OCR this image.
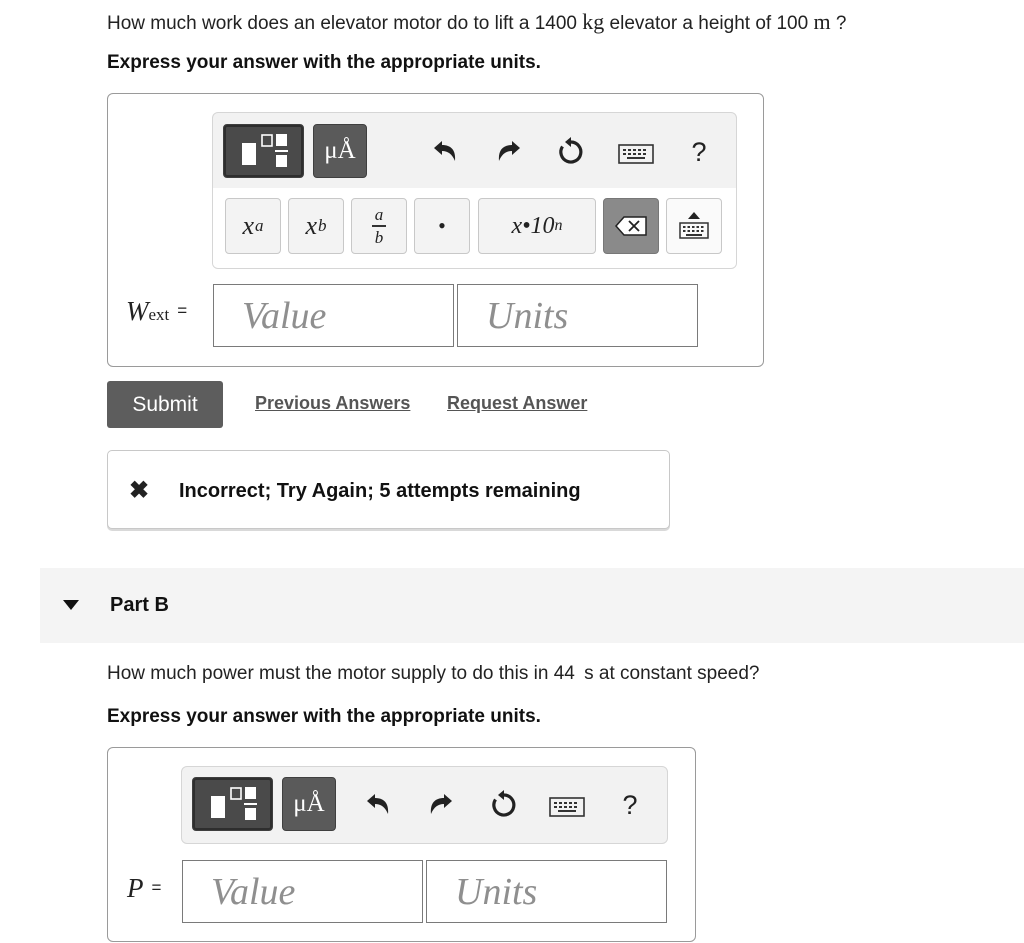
How much work does an elevator motor do to lift a 1400 kg elevator a height of 100 m ?
Express your answer with the appropriate units.
μÅ	?
x a x b
a
b •	x•10 n
Wext = Value	Units
Submit	Previous Answers Request Answer
✖ Incorrect; Try Again; 5 attempts remaining
Part B
How much power must the motor supply to do this in 44 s at constant speed?
Express your answer with the appropriate units.
μÅ	?
P = Value	Units
